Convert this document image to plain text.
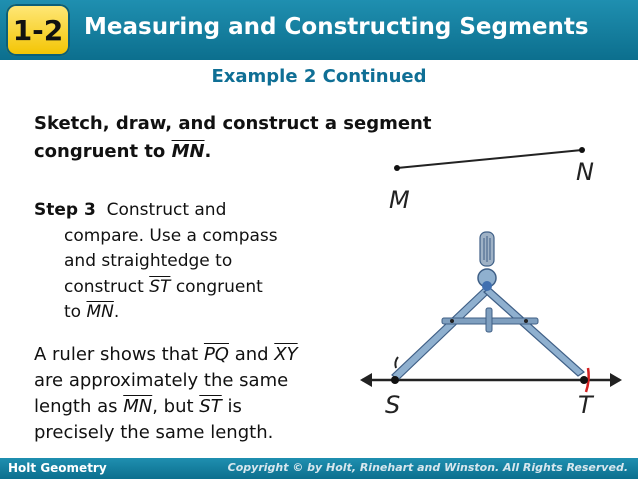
1-2 Measuring and Constructing Segments
Example 2 Continued
Sketch, draw, and construct a segment
congruent to $\overline{MN}$.
Step 3 Construct and
compare. Use a compass
and straightedge to
construct $\overline{ST}$ congruent
to $\overline{MN}$.
A ruler shows that $\overline{PQ}$ and $\overline{XY}$
are approximately the same
length as $\overline{MN}$, but $\overline{ST}$ is
precisely the same length.
M
N
S	T
Holt Geometry	Copyright © by Holt, Rinehart and Winston. All Rights Reserved.
